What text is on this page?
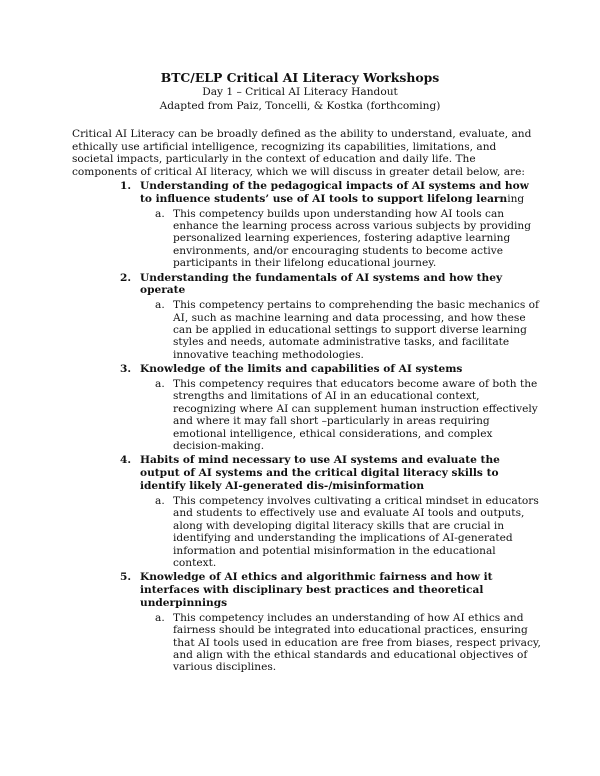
BTC/ELP Critical AI Literacy Workshops
Day 1 – Critical AI Literacy Handout
Adapted from Paiz, Toncelli, & Kostka (forthcoming)

Critical AI Literacy can be broadly defined as the ability to understand, evaluate, and ethically use artificial intelligence, recognizing its capabilities, limitations, and societal impacts, particularly in the context of education and daily life. The components of critical AI literacy, which we will discuss in greater detail below, are:

1. Understanding of the pedagogical impacts of AI systems and how to influence students’ use of AI tools to support lifelong learning
a. This competency builds upon understanding how AI tools can enhance the learning process across various subjects by providing personalized learning experiences, fostering adaptive learning environments, and/or encouraging students to become active participants in their lifelong educational journey.
2. Understanding the fundamentals of AI systems and how they operate
a. This competency pertains to comprehending the basic mechanics of AI, such as machine learning and data processing, and how these can be applied in educational settings to support diverse learning styles and needs, automate administrative tasks, and facilitate innovative teaching methodologies.
3. Knowledge of the limits and capabilities of AI systems
a. This competency requires that educators become aware of both the strengths and limitations of AI in an educational context, recognizing where AI can supplement human instruction effectively and where it may fall short –particularly in areas requiring emotional intelligence, ethical considerations, and complex decision-making.
4. Habits of mind necessary to use AI systems and evaluate the output of AI systems and the critical digital literacy skills to identify likely AI-generated dis-/misinformation
a. This competency involves cultivating a critical mindset in educators and students to effectively use and evaluate AI tools and outputs, along with developing digital literacy skills that are crucial in identifying and understanding the implications of AI-generated information and potential misinformation in the educational context.
5. Knowledge of AI ethics and algorithmic fairness and how it interfaces with disciplinary best practices and theoretical underpinnings
a. This competency includes an understanding of how AI ethics and fairness should be integrated into educational practices, ensuring that AI tools used in education are free from biases, respect privacy, and align with the ethical standards and educational objectives of various disciplines.
